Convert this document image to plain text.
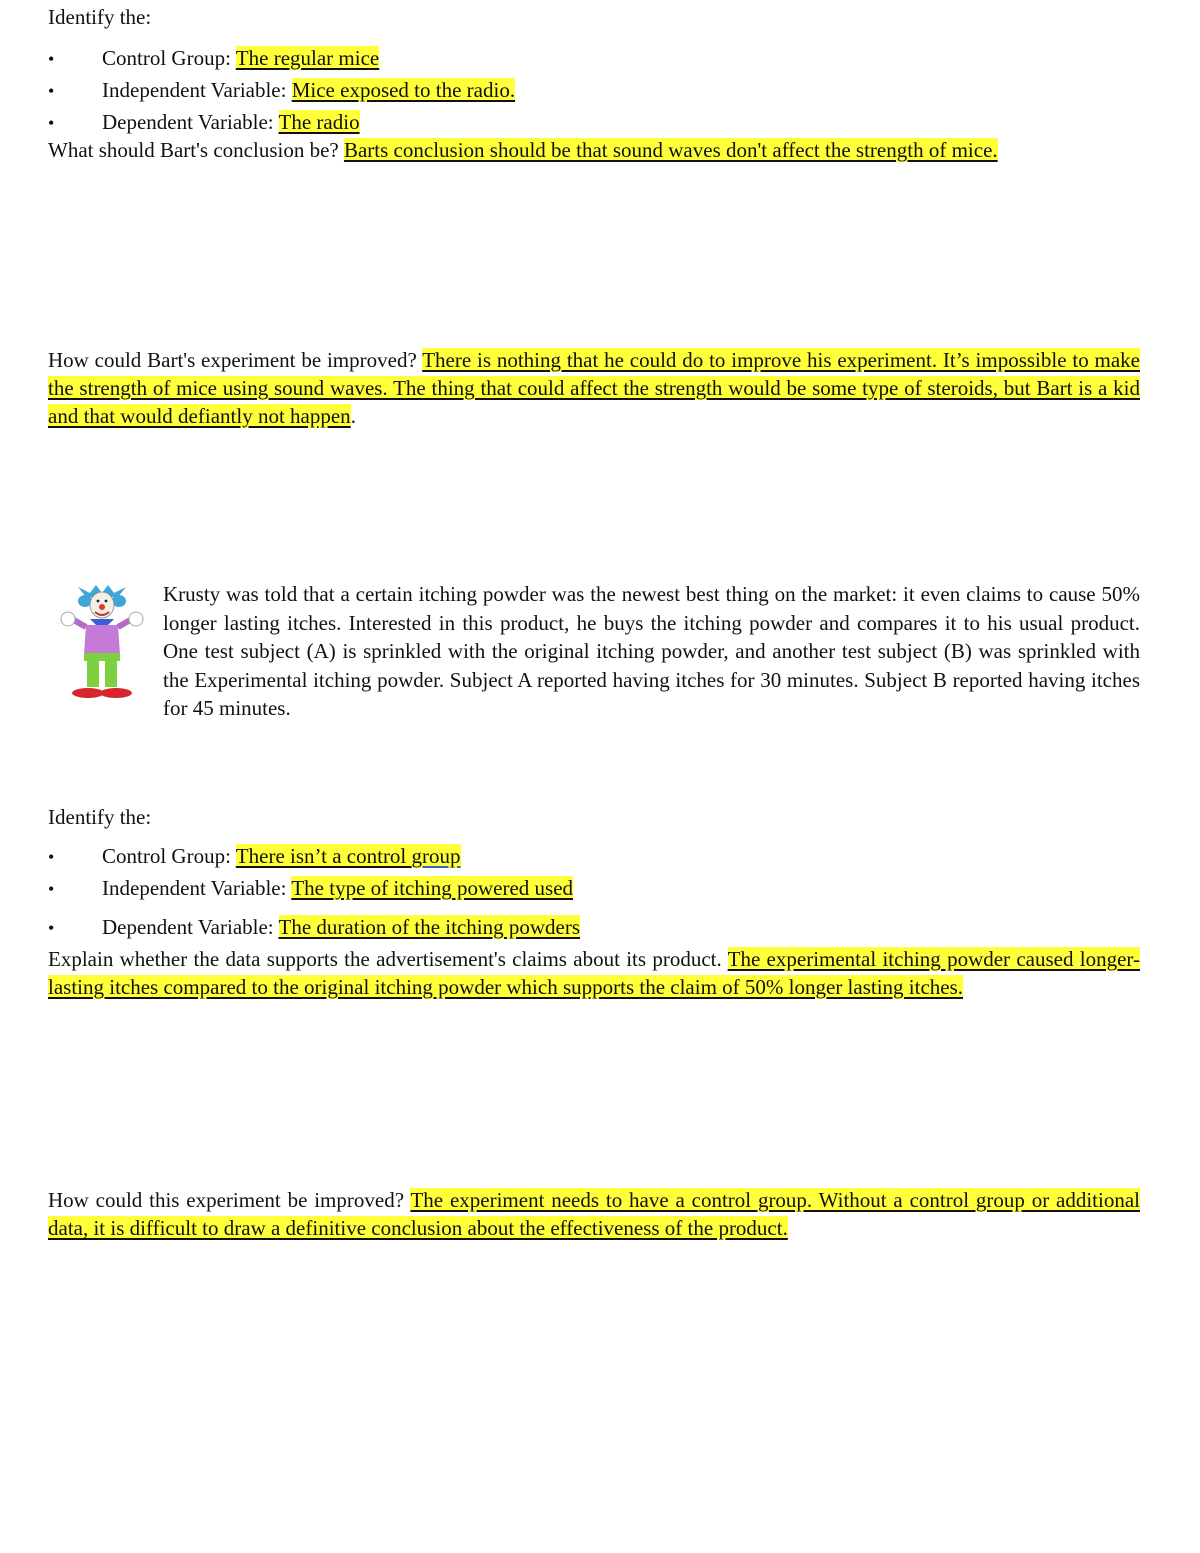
Identify the:
• Control Group: The regular mice
• Independent Variable: Mice exposed to the radio.
• Dependent Variable: The radio
What should Bart's conclusion be? Barts conclusion should be that sound waves don't affect the strength of mice.
How could Bart's experiment be improved? There is nothing that he could do to improve his experiment. It’s impossible to make the strength of mice using sound waves. The thing that could affect the strength would be some type of steroids, but Bart is a kid and that would defiantly not happen.
Krusty was told that a certain itching powder was the newest best thing on the market: it even claims to cause 50% longer lasting itches. Interested in this product, he buys the itching powder and compares it to his usual product. One test subject (A) is sprinkled with the original itching powder, and another test subject (B) was sprinkled with the Experimental itching powder. Subject A reported having itches for 30 minutes. Subject B reported having itches for 45 minutes.
Identify the:
• Control Group: There isn’t a control group
• Independent Variable: The type of itching powered used
• Dependent Variable: The duration of the itching powders
Explain whether the data supports the advertisement's claims about its product. The experimental itching powder caused longer-lasting itches compared to the original itching powder which supports the claim of 50% longer lasting itches.
How could this experiment be improved? The experiment needs to have a control group. Without a control group or additional data, it is difficult to draw a definitive conclusion about the effectiveness of the product.
